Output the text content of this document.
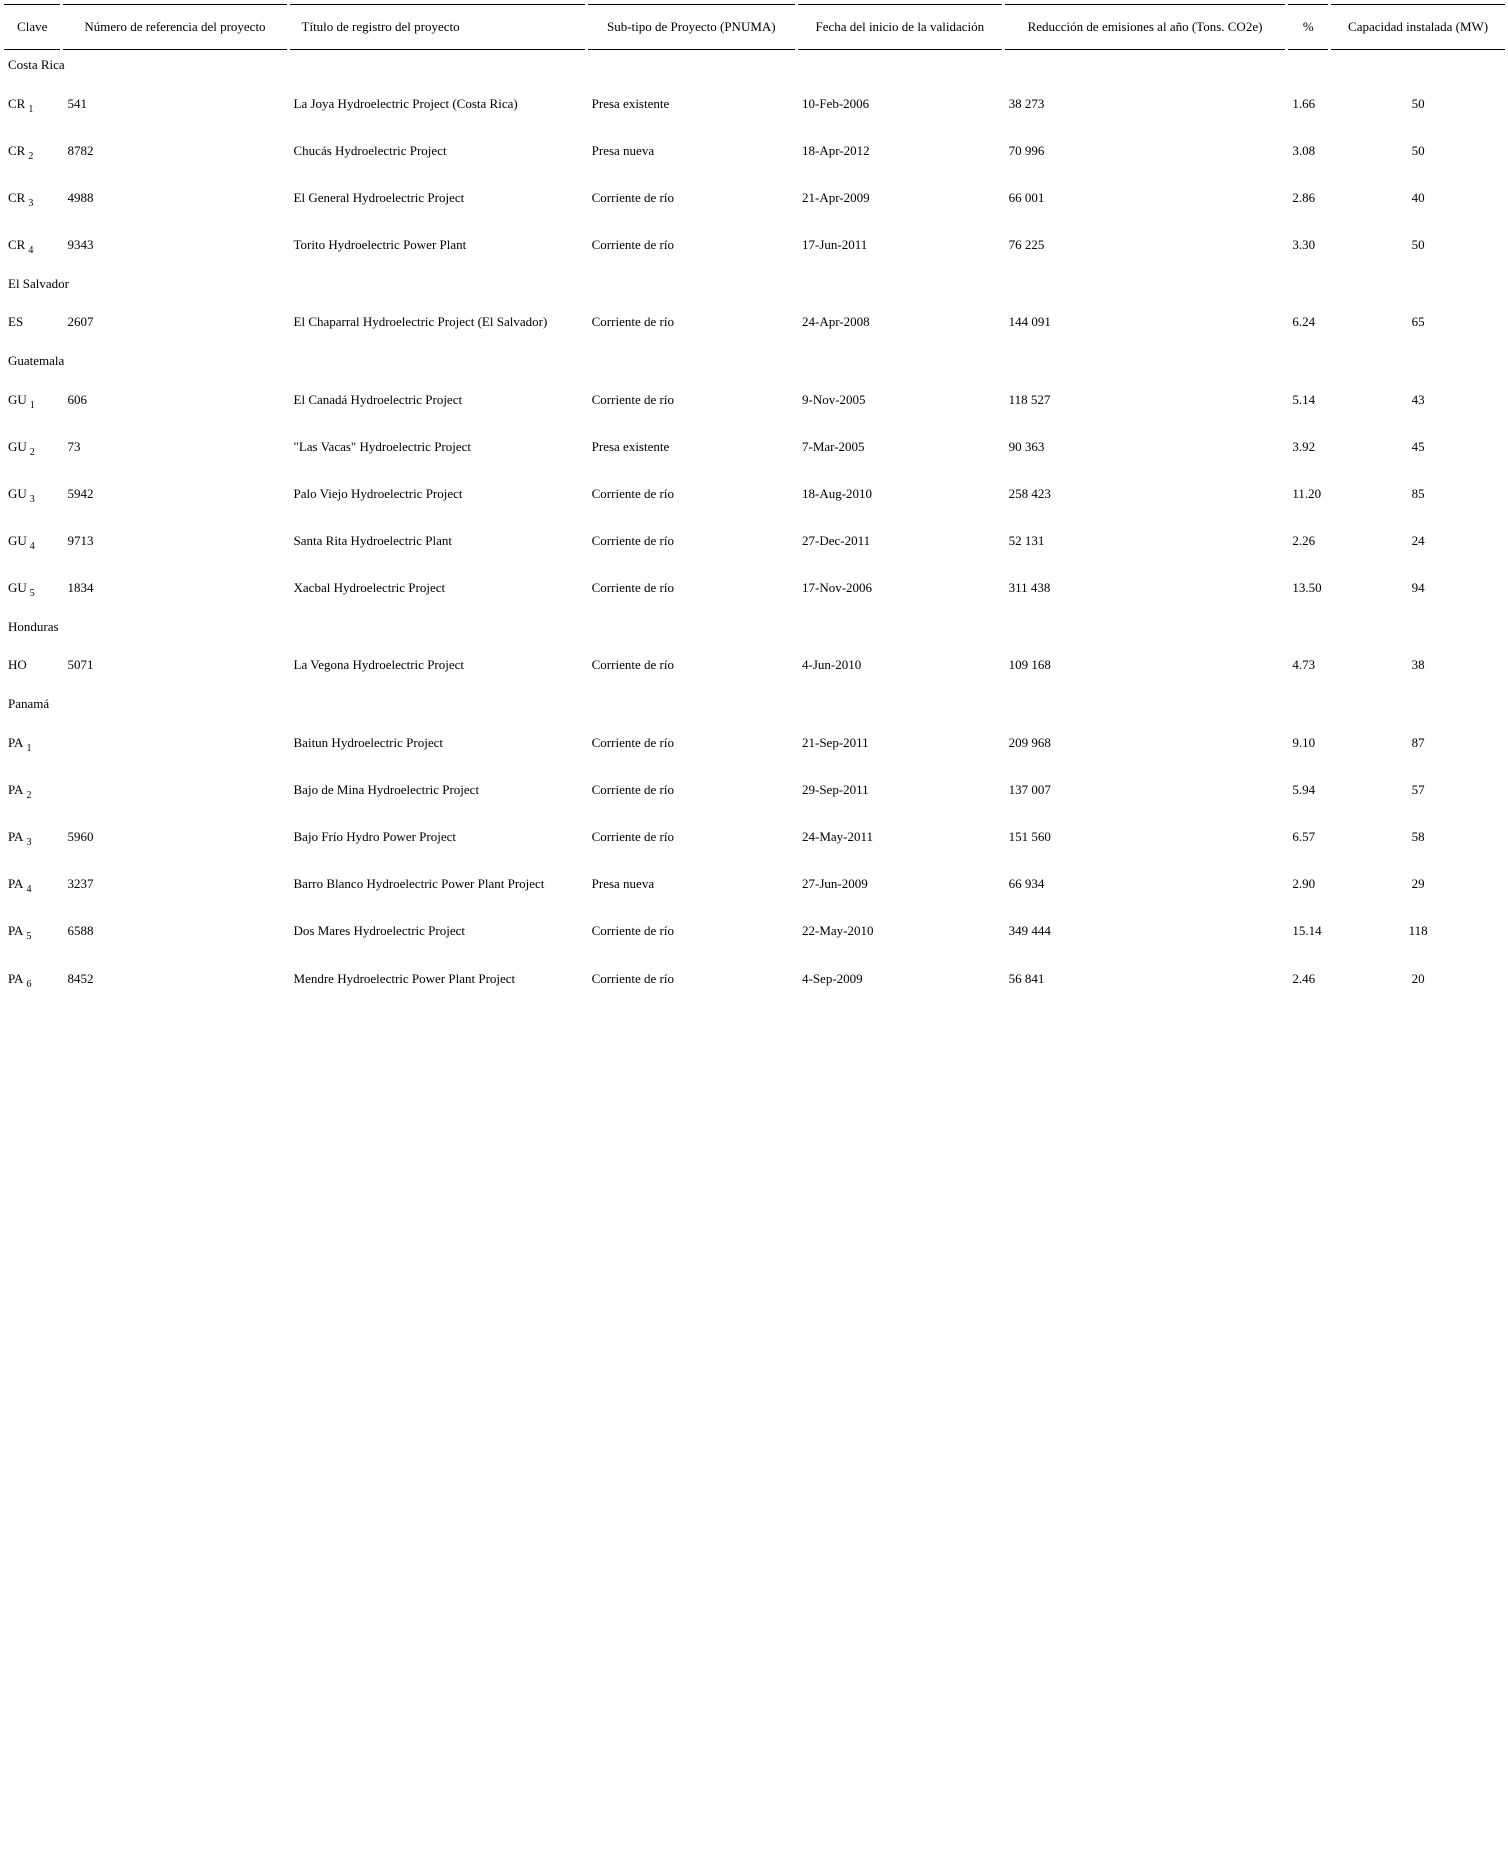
Clave	Número de referencia del proyecto	Título de registro del proyecto	Sub-tipo de Proyecto (PNUMA)	Fecha del inicio de la validación	Reducción de emisiones al año (Tons. CO2e)	%	Capacidad instalada (MW)
Costa Rica							
CR $_1$	541	La Joya Hydroelectric Project (Costa Rica)	Presa existente	10-Feb-2006	38 273	1.66	50
CR $_2$	8782	Chucás Hydroelectric Project	Presa nueva	18-Apr-2012	70 996	3.08	50
CR $_3$	4988	El General Hydroelectric Project	Corriente de río	21-Apr-2009	66 001	2.86	40
CR $_4$	9343	Torito Hydroelectric Power Plant	Corriente de río	17-Jun-2011	76 225	3.30	50
El Salvador							
ES	2607	El Chaparral Hydroelectric Project (El Salvador)	Corriente de río	24-Apr-2008	144 091	6.24	65
Guatemala							
GU $_1$	606	El Canadá Hydroelectric Project	Corriente de río	9-Nov-2005	118 527	5.14	43
GU $_2$	73	"Las Vacas" Hydroelectric Project	Presa existente	7-Mar-2005	90 363	3.92	45
GU $_3$	5942	Palo Viejo Hydroelectric Project	Corriente de río	18-Aug-2010	258 423	11.20	85
GU $_4$	9713	Santa Rita Hydroelectric Plant	Corriente de río	27-Dec-2011	52 131	2.26	24
GU $_5$	1834	Xacbal Hydroelectric Project	Corriente de río	17-Nov-2006	311 438	13.50	94
Honduras							
HO	5071	La Vegona Hydroelectric Project	Corriente de río	4-Jun-2010	109 168	4.73	38
Panamá							
PA $_1$		Baitun Hydroelectric Project	Corriente de río	21-Sep-2011	209 968	9.10	87
PA $_2$		Bajo de Mina Hydroelectric Project	Corriente de río	29-Sep-2011	137 007	5.94	57
PA $_3$	5960	Bajo Frío Hydro Power Project	Corriente de río	24-May-2011	151 560	6.57	58
PA $_4$	3237	Barro Blanco Hydroelectric Power Plant Project	Presa nueva	27-Jun-2009	66 934	2.90	29
PA $_5$	6588	Dos Mares Hydroelectric Project	Corriente de río	22-May-2010	349 444	15.14	118
PA $_6$	8452	Mendre Hydroelectric Power Plant Project	Corriente de río	4-Sep-2009	56 841	2.46	20
